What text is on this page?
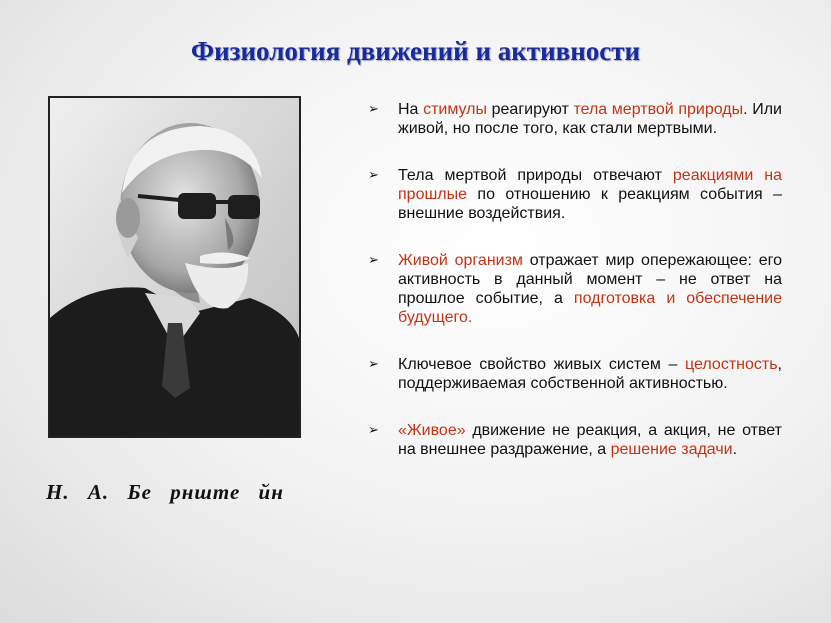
Физиология движений и активности
Н. А. Бе рнште йн
➢ На стимулы реагируют тела мертвой природы. Или живой, но после того, как стали мертвыми.
➢ Тела мертвой природы отвечают реакциями на прошлые по отношению к реакциям события – внешние воздействия.
➢ Живой организм отражает мир опережающее: его активность в данный момент – не ответ на прошлое событие, а подготовка и обеспечение будущего.
➢ Ключевое свойство живых систем – целостность, поддерживаемая собственной активностью.
➢ «Живое» движение не реакция, а акция, не ответ на внешнее раздражение, а решение задачи.
